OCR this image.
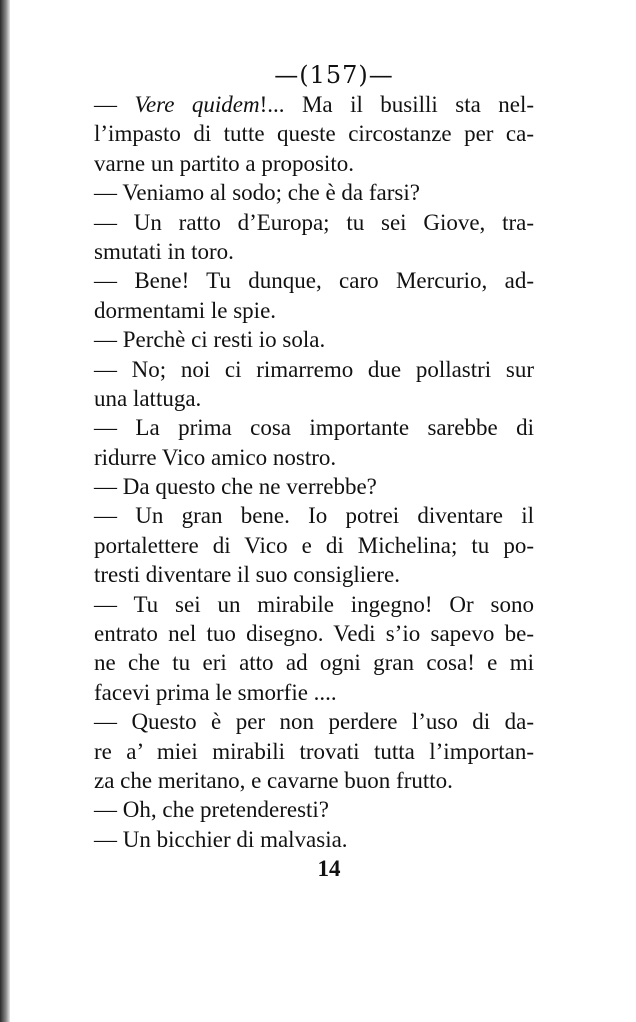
—(157)—
— Vere quidem!... Ma il busilli sta nel-
l’impasto di tutte queste circostanze per ca-
varne un partito a proposito.
— Veniamo al sodo; che è da farsi?
— Un ratto d’Europa; tu sei Giove, tra-
smutati in toro.
— Bene! Tu dunque, caro Mercurio, ad-
dormentami le spie.
— Perchè ci resti io sola.
— No; noi ci rimarremo due pollastri sur
una lattuga.
— La prima cosa importante sarebbe di
ridurre Vico amico nostro.
— Da questo che ne verrebbe?
— Un gran bene. Io potrei diventare il
portalettere di Vico e di Michelina; tu po-
tresti diventare il suo consigliere.
— Tu sei un mirabile ingegno! Or sono
entrato nel tuo disegno. Vedi s’io sapevo be-
ne che tu eri atto ad ogni gran cosa! e mi
facevi prima le smorfie ....
— Questo è per non perdere l’uso di da-
re a’ miei mirabili trovati tutta l’importan-
za che meritano, e cavarne buon frutto.
— Oh, che pretenderesti?
— Un bicchier di malvasia.
14
